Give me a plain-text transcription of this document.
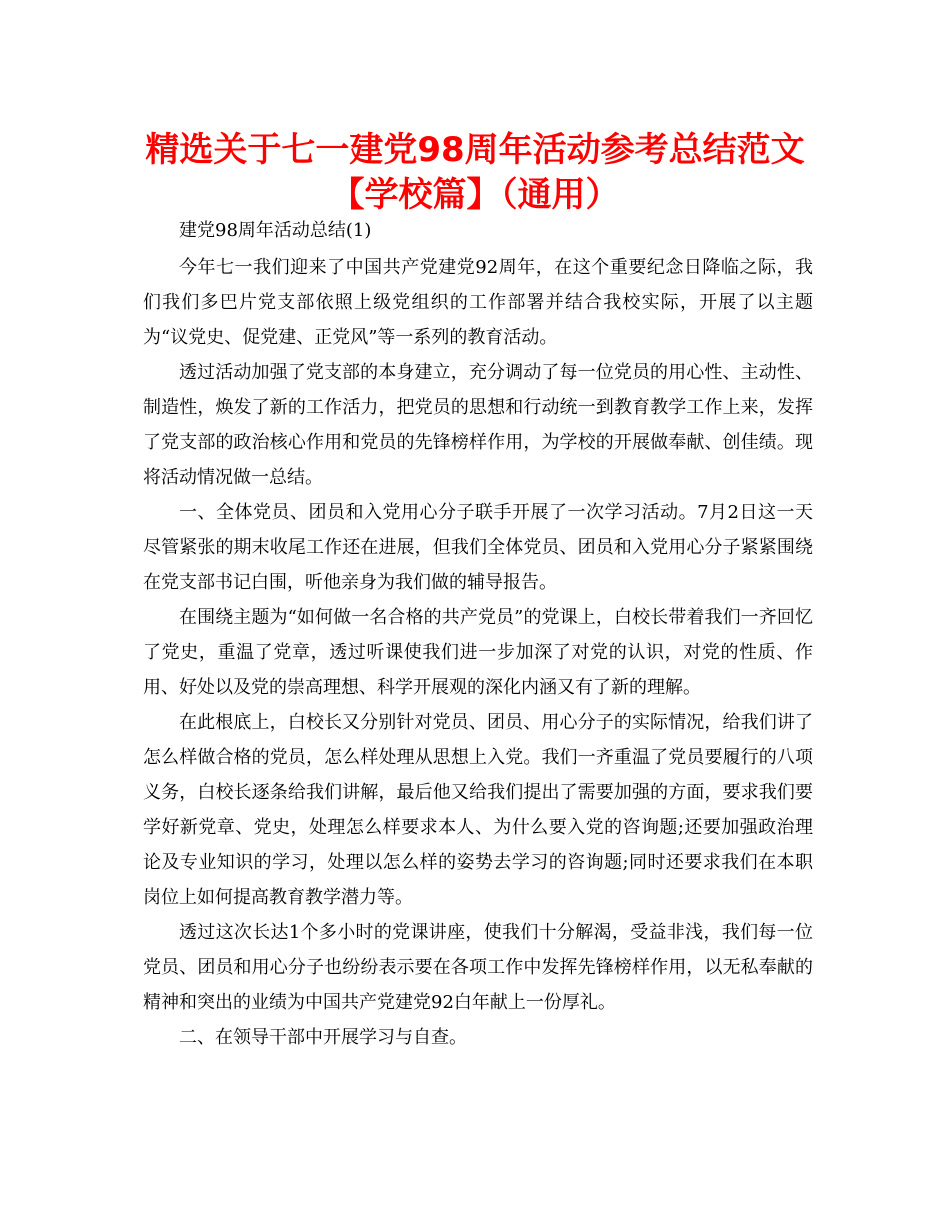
精选关于七一建党98周年活动参考总结范文
【学校篇】（通用）

建党98周年活动总结(1)

今年七一我们迎来了中国共产党建党92周年，在这个重要纪念日降临之际，我们我们多巴片党支部依照上级党组织的工作部署并结合我校实际，开展了以主题为“议党史、促党建、正党风”等一系列的教育活动。

透过活动加强了党支部的本身建立，充分调动了每一位党员的用心性、主动性、制造性，焕发了新的工作活力，把党员的思想和行动统一到教育教学工作上来，发挥了党支部的政治核心作用和党员的先锋榜样作用，为学校的开展做奉献、创佳绩。现将活动情况做一总结。

一、全体党员、团员和入党用心分子联手开展了一次学习活动。7月2日这一天尽管紧张的期末收尾工作还在进展，但我们全体党员、团员和入党用心分子紧紧围绕在党支部书记白围，听他亲身为我们做的辅导报告。

在围绕主题为“如何做一名合格的共产党员”的党课上，白校长带着我们一齐回忆了党史，重温了党章，透过听课使我们进一步加深了对党的认识，对党的性质、作用、好处以及党的崇高理想、科学开展观的深化内涵又有了新的理解。

在此根底上，白校长又分别针对党员、团员、用心分子的实际情况，给我们讲了怎么样做合格的党员，怎么样处理从思想上入党。我们一齐重温了党员要履行的八项义务，白校长逐条给我们讲解，最后他又给我们提出了需要加强的方面，要求我们要学好新党章、党史，处理怎么样要求本人、为什么要入党的咨询题;还要加强政治理论及专业知识的学习，处理以怎么样的姿势去学习的咨询题;同时还要求我们在本职岗位上如何提高教育教学潜力等。

透过这次长达1个多小时的党课讲座，使我们十分解渴，受益非浅，我们每一位党员、团员和用心分子也纷纷表示要在各项工作中发挥先锋榜样作用，以无私奉献的精神和突出的业绩为中国共产党建党92白年献上一份厚礼。

二、在领导干部中开展学习与自查。
